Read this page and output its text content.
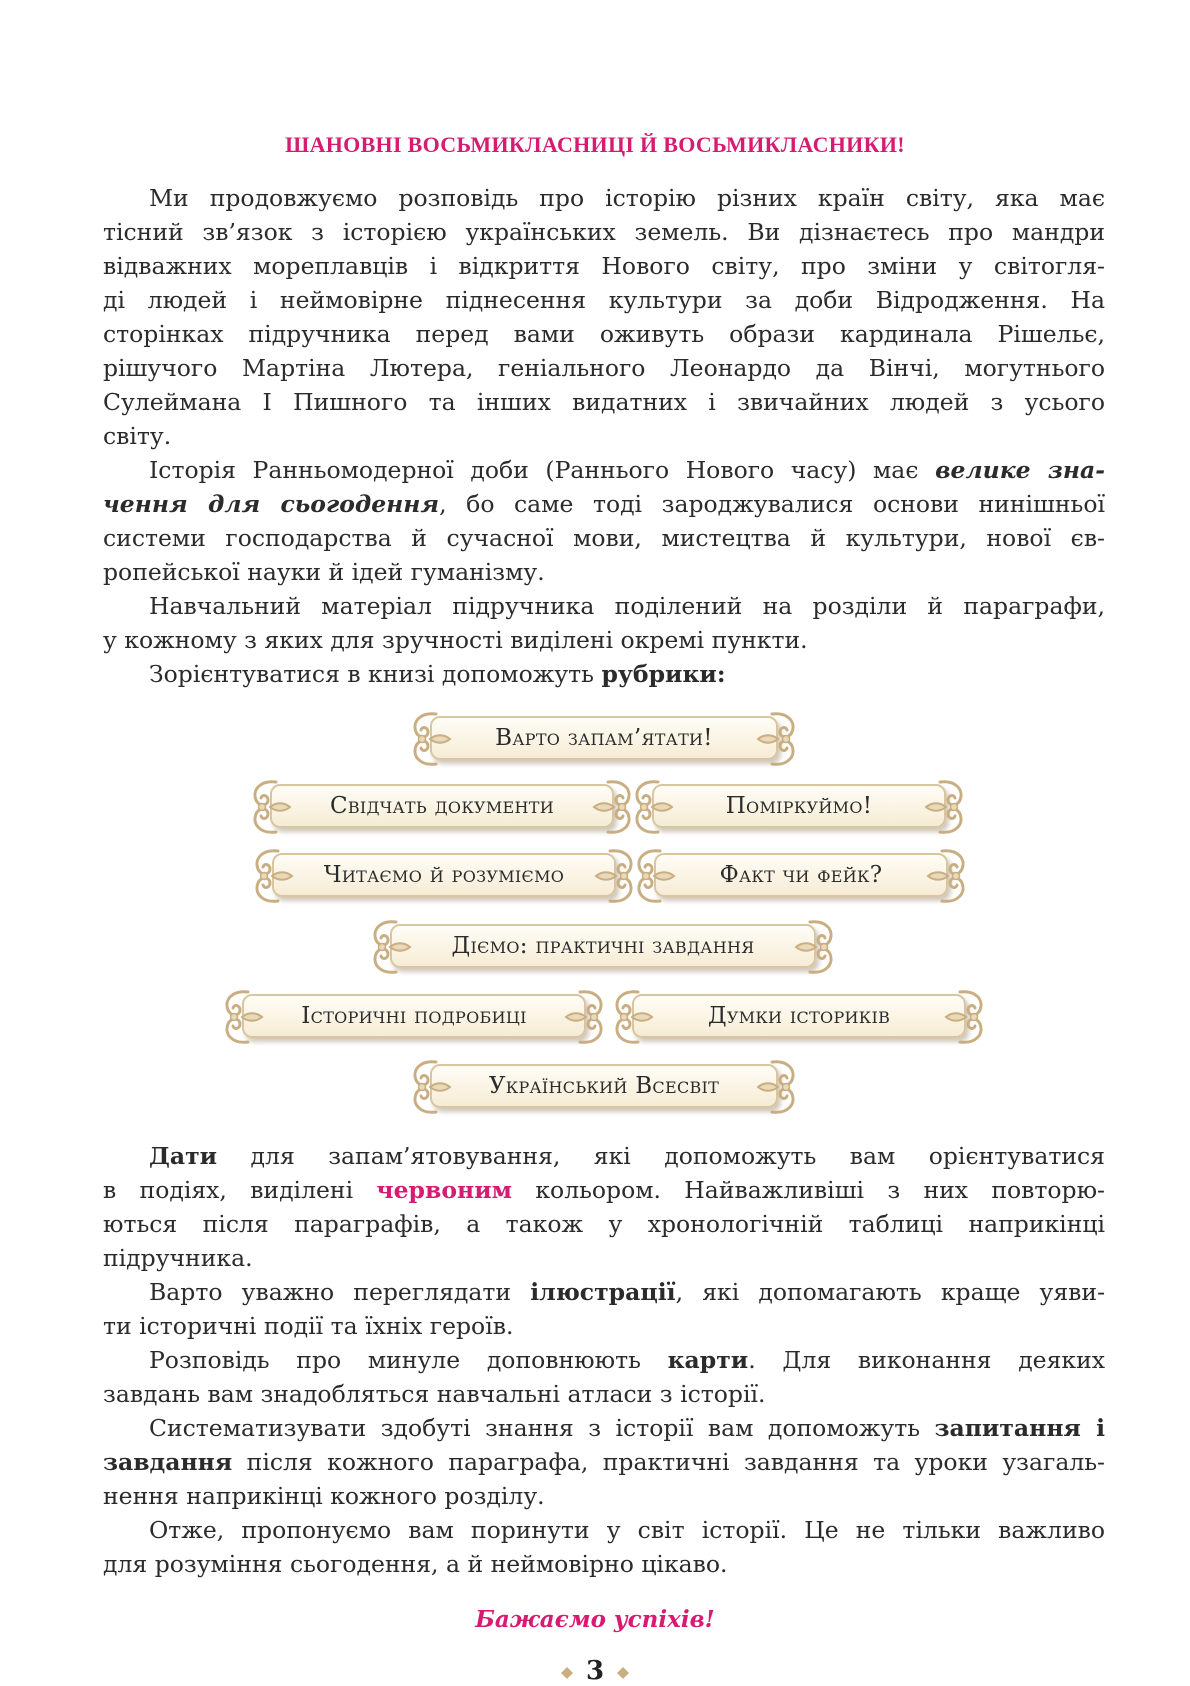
ШАНОВНІ ВОСЬМИКЛАСНИЦІ Й ВОСЬМИКЛАСНИКИ!
Ми продовжуємо розповідь про історію різних країн світу, яка має
тісний зв’язок з історією українських земель. Ви дізнаєтесь про мандри
відважних мореплавців і відкриття Нового світу, про зміни у світогля-
ді людей і неймовірне піднесення культури за доби Відродження. На
сторінках підручника перед вами оживуть образи кардинала Рішельє,
рішучого Мартіна Лютера, геніального Леонардо да Вінчі, могутнього
Сулеймана І Пишного та інших видатних і звичайних людей з усього
світу.
Історія Ранньомодерної доби (Раннього Нового часу) має велике зна-
чення для сьогодення, бо саме тоді зароджувалися основи нинішньої
системи господарства й сучасної мови, мистецтва й культури, нової єв-
ропейської науки й ідей гуманізму.
Навчальний матеріал підручника поділений на розділи й параграфи,
у кожному з яких для зручності виділені окремі пункти.
Зорієнтуватися в книзі допоможуть рубрики:
Варто запам’ятати!
Свідчать документи	Поміркуймо!
Читаємо й розуміємо	Факт чи фейк?
Діємо: практичні завдання
Історичні подробиці	Думки істориків
Український Всесвіт
Дати для запам’ятовування, які допоможуть вам орієнтуватися
в подіях, виділені червоним кольором. Найважливіші з них повторю-
ються після параграфів, а також у хронологічній таблиці наприкінці
підручника.
Варто уважно переглядати ілюстрації, які допомагають краще уяви-
ти історичні події та їхніх героїв.
Розповідь про минуле доповнюють карти. Для виконання деяких
завдань вам знадобляться навчальні атласи з історії.
Систематизувати здобуті знання з історії вам допоможуть запитання і
завдання після кожного параграфа, практичні завдання та уроки узагаль-
нення наприкінці кожного розділу.
Отже, пропонуємо вам поринути у світ історії. Це не тільки важливо
для розуміння сьогодення, а й неймовірно цікаво.
Бажаємо успіхів!
3
